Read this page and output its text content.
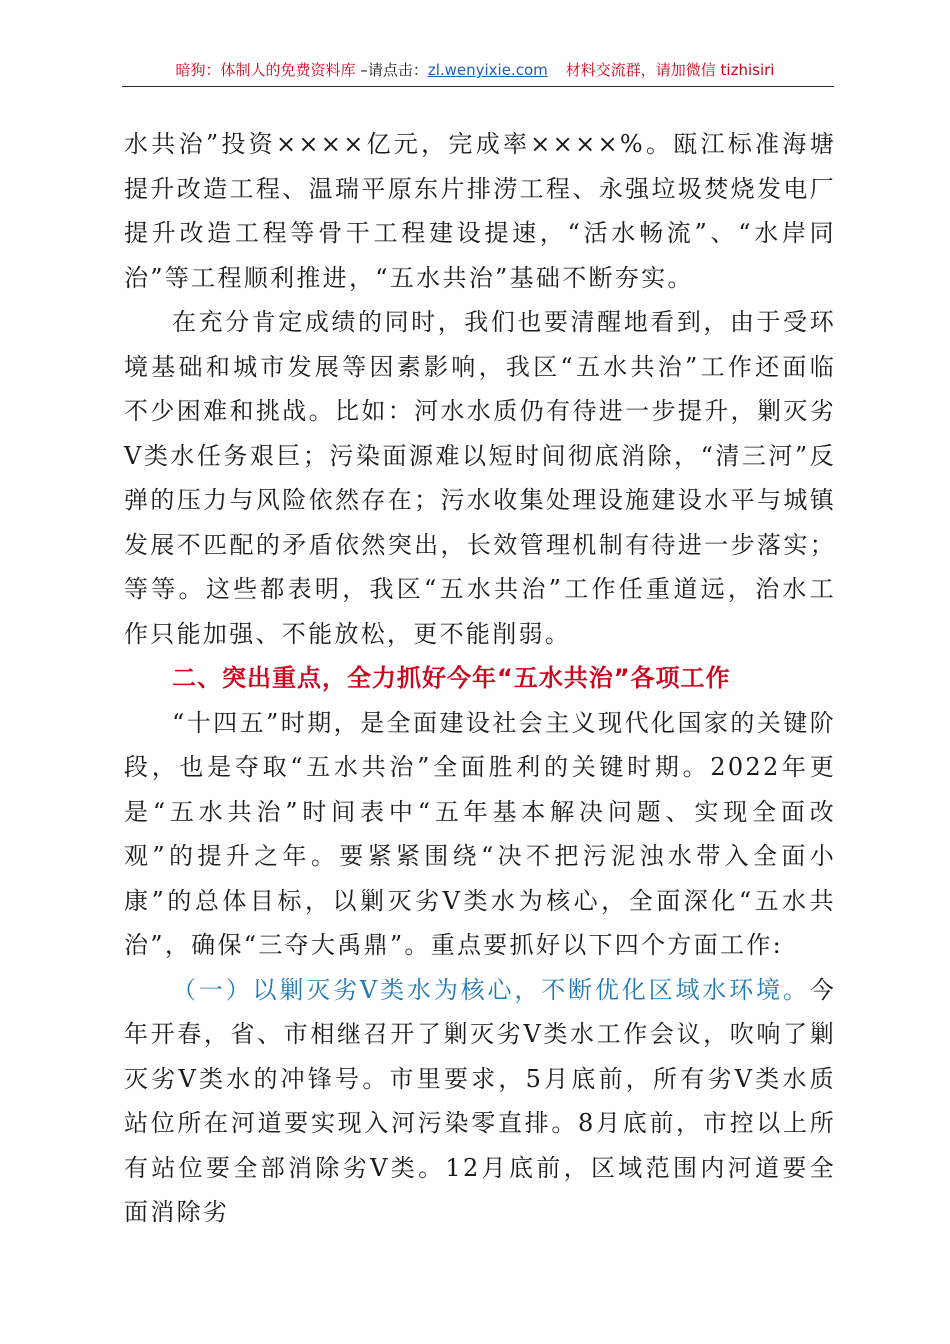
暗狗：体制人的免费资料库 –请点击：zl.wenyixie.com 材料交流群，请加微信 tizhisiri

水共治”投资××××亿元，完成率××××%。瓯江标准海塘提升改造工程、温瑞平原东片排涝工程、永强垃圾焚烧发电厂提升改造工程等骨干工程建设提速，“活水畅流”、“水岸同治”等工程顺利推进，“五水共治”基础不断夯实。

在充分肯定成绩的同时，我们也要清醒地看到，由于受环境基础和城市发展等因素影响，我区“五水共治”工作还面临不少困难和挑战。比如：河水水质仍有待进一步提升，剿灭劣Ⅴ类水任务艰巨；污染面源难以短时间彻底消除，“清三河”反弹的压力与风险依然存在；污水收集处理设施建设水平与城镇发展不匹配的矛盾依然突出，长效管理机制有待进一步落实；等等。这些都表明，我区“五水共治”工作任重道远，治水工作只能加强、不能放松，更不能削弱。

二、突出重点，全力抓好今年“五水共治”各项工作

“十四五”时期，是全面建设社会主义现代化国家的关键阶段，也是夺取“五水共治”全面胜利的关键时期。2022年更是“五水共治”时间表中“五年基本解决问题、实现全面改观”的提升之年。要紧紧围绕“决不把污泥浊水带入全面小康”的总体目标，以剿灭劣Ⅴ类水为核心，全面深化“五水共治”，确保“三夺大禹鼎”。重点要抓好以下四个方面工作:

（一）以剿灭劣Ⅴ类水为核心，不断优化区域水环境。今年开春，省、市相继召开了剿灭劣Ⅴ类水工作会议，吹响了剿灭劣Ⅴ类水的冲锋号。市里要求，5月底前，所有劣Ⅴ类水质站位所在河道要实现入河污染零直排。8月底前，市控以上所有站位要全部消除劣Ⅴ类。12月底前，区域范围内河道要全面消除劣
